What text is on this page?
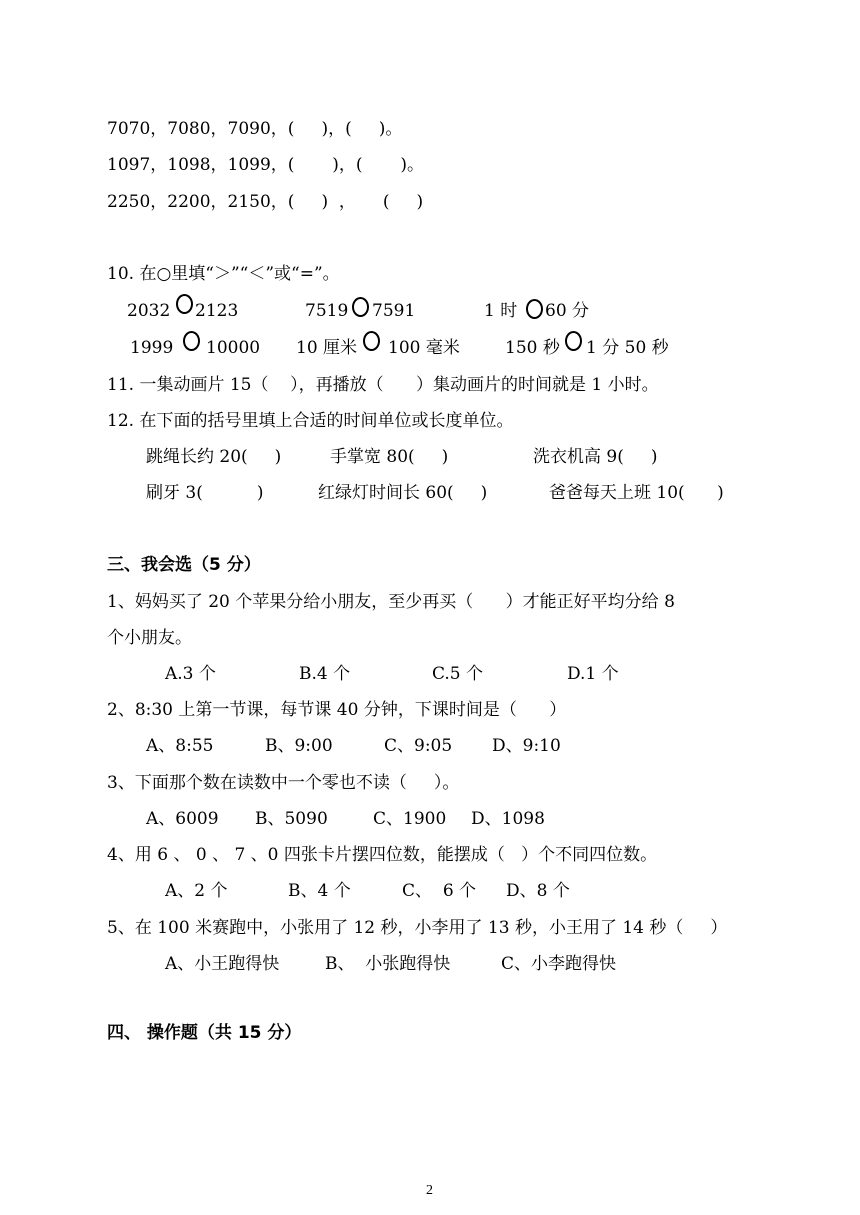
7070，7080，7090，(     )，(     )。
1097，1098，1099，(       )，(       )。
2250，2200，2150，(     )  ，     (     )
10. 在○里填“＞”“＜”或“=”。
2032 2123	7519 7591	1 时 60 分
1999 10000 10 厘米 100 毫米	150 秒 1 分 50 秒
11. 一集动画片 15（    ），再播放（      ）集动画片的时间就是 1 小时。
12. 在下面的括号里填上合适的时间单位或长度单位。
跳绳长约 20(     )	手掌宽 80(     )	洗衣机高 9(     )
刷牙 3(          )	红绿灯时间长 60(     )	爸爸每天上班 10(      )
三、我会选（5 分）
1、妈妈买了 20 个苹果分给小朋友，至少再买（      ）才能正好平均分给 8
个小朋友。
A.3 个	B.4 个	C.5 个	D.1 个
2、8:30 上第一节课，每节课 40 分钟，下课时间是（      ）
A、8:55	B、9:00	C、9:05 D、9:10
3、下面那个数在读数中一个零也不读（     ）。
A、6009 B、5090	C、1900 D、1098
4、用 6 、 0 、 7 、0 四张卡片摆四位数，能摆成（   ）个不同四位数。
A、2 个	B、4 个	C、  6 个 D、8 个
5、在 100 米赛跑中，小张用了 12 秒，小李用了 13 秒，小王用了 14 秒（     ）
A、小王跑得快	B、  小张跑得快	C、小李跑得快
四、 操作题（共 15 分）
2
